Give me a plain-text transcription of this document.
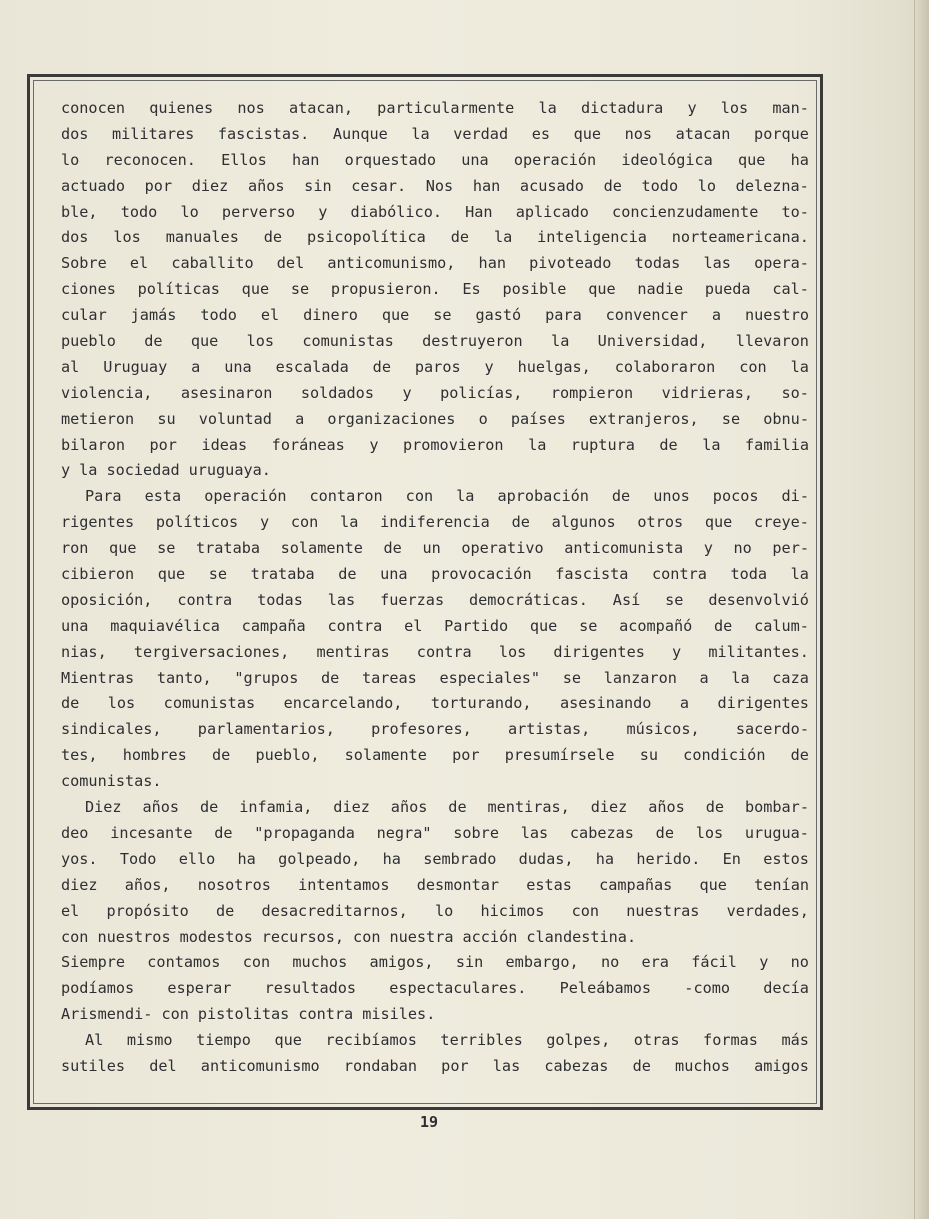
conocen quienes nos atacan, particularmente la dictadura y los man-
dos militares fascistas. Aunque la verdad es que nos atacan porque
lo reconocen. Ellos han orquestado una operación ideológica que ha
actuado por diez años sin cesar. Nos han acusado de todo lo delezna-
ble, todo lo perverso y diabólico. Han aplicado concienzudamente to-
dos los manuales de psicopolítica de la inteligencia norteamericana.
Sobre el caballito del anticomunismo, han pivoteado todas las opera-
ciones políticas que se propusieron. Es posible que nadie pueda cal-
cular jamás todo el dinero que se gastó para convencer a nuestro
pueblo de que los comunistas destruyeron la Universidad, llevaron
al Uruguay a una escalada de paros y huelgas, colaboraron con la
violencia, asesinaron soldados y policías, rompieron vidrieras, so-
metieron su voluntad a organizaciones o países extranjeros, se obnu-
bilaron por ideas foráneas y promovieron la ruptura de la familia
y la sociedad uruguaya.
Para esta operación contaron con la aprobación de unos pocos di-
rigentes políticos y con la indiferencia de algunos otros que creye-
ron que se trataba solamente de un operativo anticomunista y no per-
cibieron que se trataba de una provocación fascista contra toda la
oposición, contra todas las fuerzas democráticas. Así se desenvolvió
una maquiavélica campaña contra el Partido que se acompañó de calum-
nias, tergiversaciones, mentiras contra los dirigentes y militantes.
Mientras tanto, "grupos de tareas especiales" se lanzaron a la caza
de los comunistas encarcelando, torturando, asesinando a dirigentes
sindicales, parlamentarios, profesores, artistas, músicos, sacerdo-
tes, hombres de pueblo, solamente por presumírsele su condición de
comunistas.
Diez años de infamia, diez años de mentiras, diez años de bombar-
deo incesante de "propaganda negra" sobre las cabezas de los urugua-
yos. Todo ello ha golpeado, ha sembrado dudas, ha herido. En estos
diez años, nosotros intentamos desmontar estas campañas que tenían
el propósito de desacreditarnos, lo hicimos con nuestras verdades,
con nuestros modestos recursos, con nuestra acción clandestina.
Siempre contamos con muchos amigos, sin embargo, no era fácil y no
podíamos esperar resultados espectaculares. Peleábamos -como decía
Arismendi- con pistolitas contra misiles.
Al mismo tiempo que recibíamos terribles golpes, otras formas más
sutiles del anticomunismo rondaban por las cabezas de muchos amigos
19
